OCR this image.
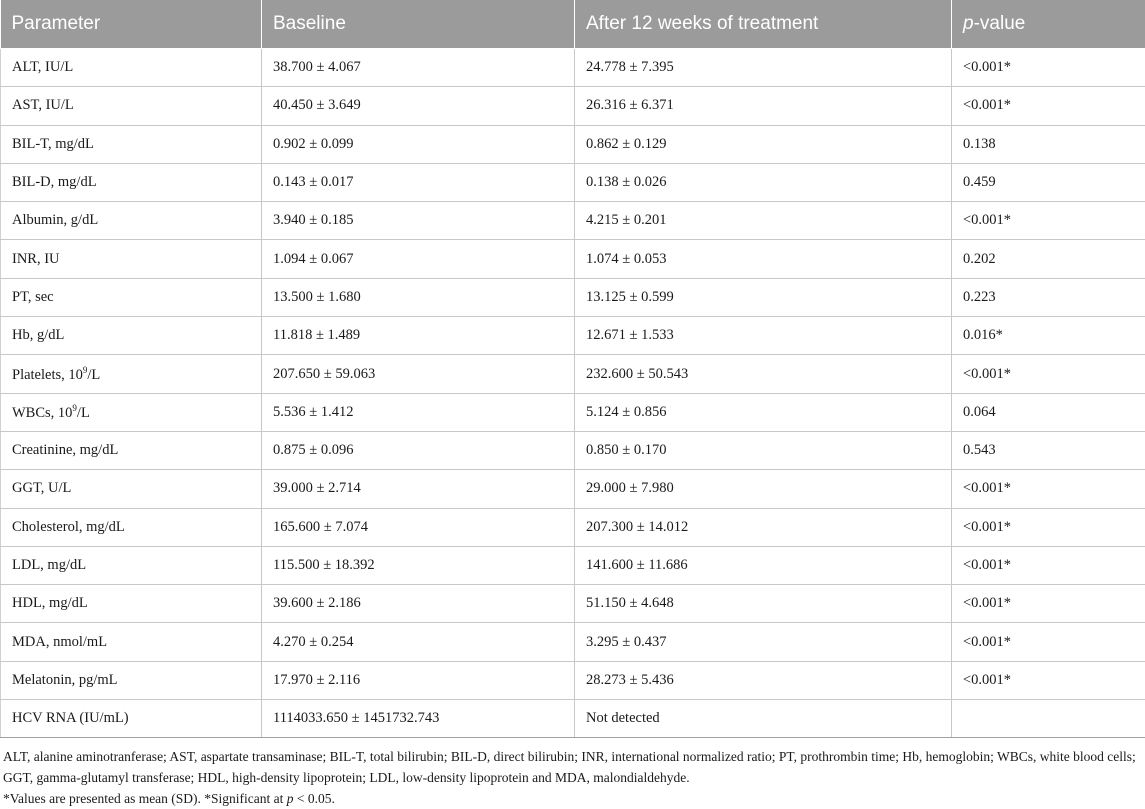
Parameter	Baseline	After 12 weeks of treatment	p-value
ALT, IU/L	38.700 ± 4.067	24.778 ± 7.395	<0.001*
AST, IU/L	40.450 ± 3.649	26.316 ± 6.371	<0.001*
BIL-T, mg/dL	0.902 ± 0.099	0.862 ± 0.129	0.138
BIL-D, mg/dL	0.143 ± 0.017	0.138 ± 0.026	0.459
Albumin, g/dL	3.940 ± 0.185	4.215 ± 0.201	<0.001*
INR, IU	1.094 ± 0.067	1.074 ± 0.053	0.202
PT, sec	13.500 ± 1.680	13.125 ± 0.599	0.223
Hb, g/dL	11.818 ± 1.489	12.671 ± 1.533	0.016*
Platelets, $10^9/L$	207.650 ± 59.063	232.600 ± 50.543	<0.001*
WBCs, $10^9/L$	5.536 ± 1.412	5.124 ± 0.856	0.064
Creatinine, mg/dL	0.875 ± 0.096	0.850 ± 0.170	0.543
GGT, U/L	39.000 ± 2.714	29.000 ± 7.980	<0.001*
Cholesterol, mg/dL	165.600 ± 7.074	207.300 ± 14.012	<0.001*
LDL, mg/dL	115.500 ± 18.392	141.600 ± 11.686	<0.001*
HDL, mg/dL	39.600 ± 2.186	51.150 ± 4.648	<0.001*
MDA, nmol/mL	4.270 ± 0.254	3.295 ± 0.437	<0.001*
Melatonin, pg/mL	17.970 ± 2.116	28.273 ± 5.436	<0.001*
HCV RNA (IU/mL)	1114033.650 ± 1451732.743	Not detected	

ALT, alanine aminotranferase; AST, aspartate transaminase; BIL-T, total bilirubin; BIL-D, direct bilirubin; INR, international normalized ratio; PT, prothrombin time; Hb, hemoglobin; WBCs, white blood cells; GGT, gamma-glutamyl transferase; HDL, high-density lipoprotein; LDL, low-density lipoprotein and MDA, malondialdehyde.

*Values are presented as mean (SD). *Significant at p < 0.05.
